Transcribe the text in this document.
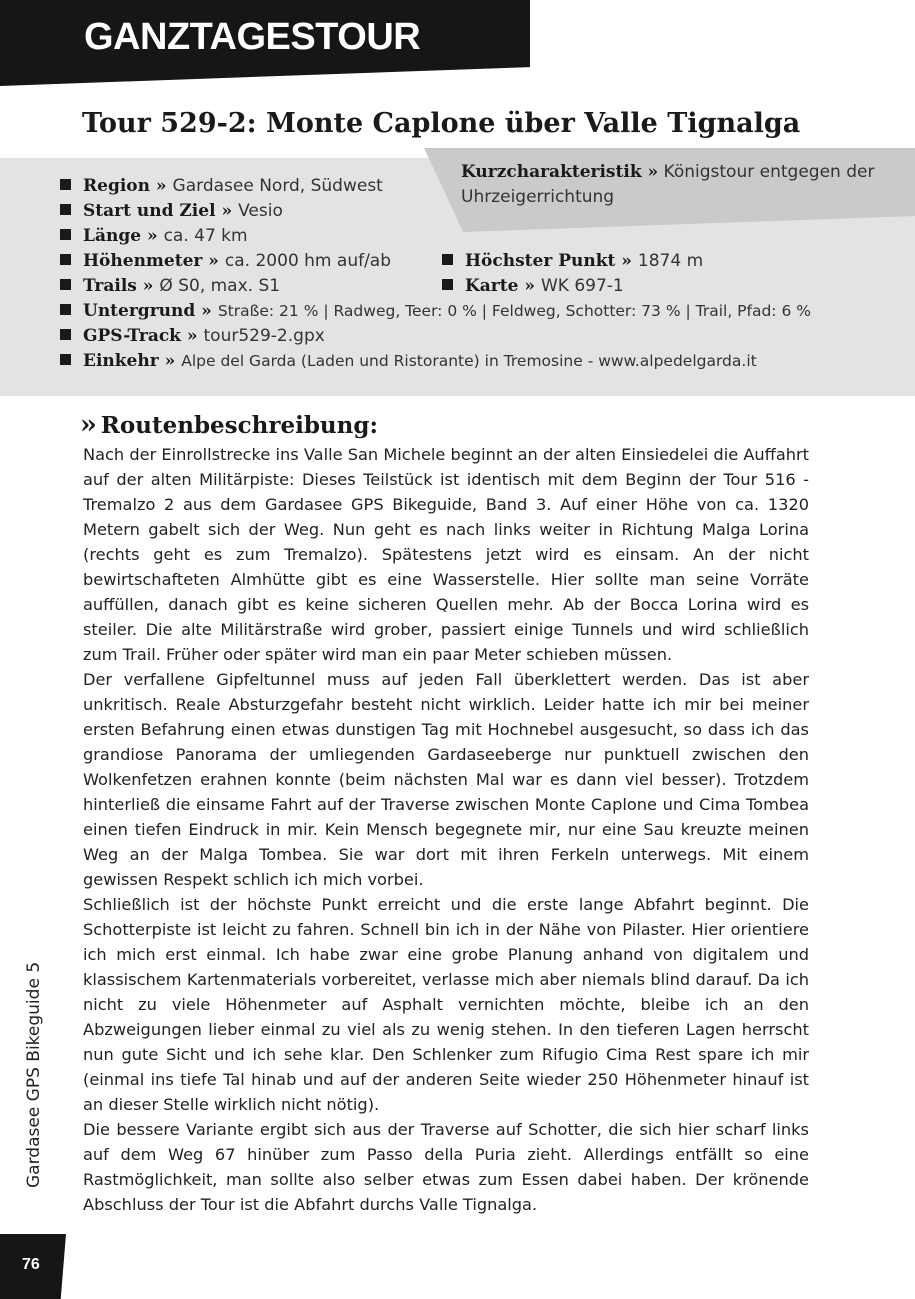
GANZTAGESTOUR
Tour 529-2: Monte Caplone über Valle Tignalga
Kurzcharakteristik » Königstour entgegen der Uhrzeigerrichtung
Region » Gardasee Nord, Südwest
Start und Ziel » Vesio
Länge » ca. 47 km
Höhenmeter » ca. 2000 hm auf/ab	Höchster Punkt » 1874 m
Trails » Ø S0, max. S1	Karte » WK 697-1
Untergrund » Straße: 21 % | Radweg, Teer: 0 % | Feldweg, Schotter: 73 % | Trail, Pfad: 6 %
GPS-Track » tour529-2.gpx
Einkehr » Alpe del Garda (Laden und Ristorante) in Tremosine - www.alpedelgarda.it
›› Routenbeschreibung:

Nach der Einrollstrecke ins Valle San Michele beginnt an der alten Einsiedelei die Auffahrt auf der alten Militärpiste: Dieses Teilstück ist identisch mit dem Beginn der Tour 516 - Tremalzo 2 aus dem Gardasee GPS Bikeguide, Band 3. Auf einer Höhe von ca. 1320 Metern gabelt sich der Weg. Nun geht es nach links weiter in Richtung Malga Lorina (rechts geht es zum Tremalzo). Spätestens jetzt wird es einsam. An der nicht bewirtschafteten Almhütte gibt es eine Wasserstelle. Hier sollte man seine Vorräte auffüllen, danach gibt es keine sicheren Quellen mehr. Ab der Bocca Lorina wird es steiler. Die alte Militärstraße wird grober, passiert einige Tunnels und wird schließlich zum Trail. Früher oder später wird man ein paar Meter schieben müssen.

Der verfallene Gipfeltunnel muss auf jeden Fall überklettert werden. Das ist aber unkritisch. Reale Absturzgefahr besteht nicht wirklich. Leider hatte ich mir bei meiner ersten Befahrung einen etwas dunstigen Tag mit Hochnebel ausgesucht, so dass ich das grandiose Panorama der umliegenden Gardaseeberge nur punktuell zwischen den Wolkenfetzen erahnen konnte (beim nächsten Mal war es dann viel besser). Trotzdem hinterließ die einsame Fahrt auf der Traverse zwischen Monte Caplone und Cima Tombea einen tiefen Eindruck in mir. Kein Mensch begegnete mir, nur eine Sau kreuzte meinen Weg an der Malga Tombea. Sie war dort mit ihren Ferkeln unterwegs. Mit einem gewissen Respekt schlich ich mich vorbei.

Schließlich ist der höchste Punkt erreicht und die erste lange Abfahrt beginnt. Die Schotterpiste ist leicht zu fahren. Schnell bin ich in der Nähe von Pilaster. Hier orientiere ich mich erst einmal. Ich habe zwar eine grobe Planung anhand von digitalem und klassischem Kartenmaterials vorbereitet, verlasse mich aber niemals blind darauf. Da ich nicht zu viele Höhenmeter auf Asphalt vernichten möchte, bleibe ich an den Abzweigungen lieber einmal zu viel als zu wenig stehen. In den tieferen Lagen herrscht nun gute Sicht und ich sehe klar. Den Schlenker zum Rifugio Cima Rest spare ich mir (einmal ins tiefe Tal hinab und auf der anderen Seite wieder 250 Höhenmeter hinauf ist an dieser Stelle wirklich nicht nötig).

Die bessere Variante ergibt sich aus der Traverse auf Schotter, die sich hier scharf links auf dem Weg 67 hinüber zum Passo della Puria zieht. Allerdings entfällt so eine Rastmöglichkeit, man sollte also selber etwas zum Essen dabei haben. Der krönende Abschluss der Tour ist die Abfahrt durchs Valle Tignalga.

Gardasee GPS Bikeguide 5
76
